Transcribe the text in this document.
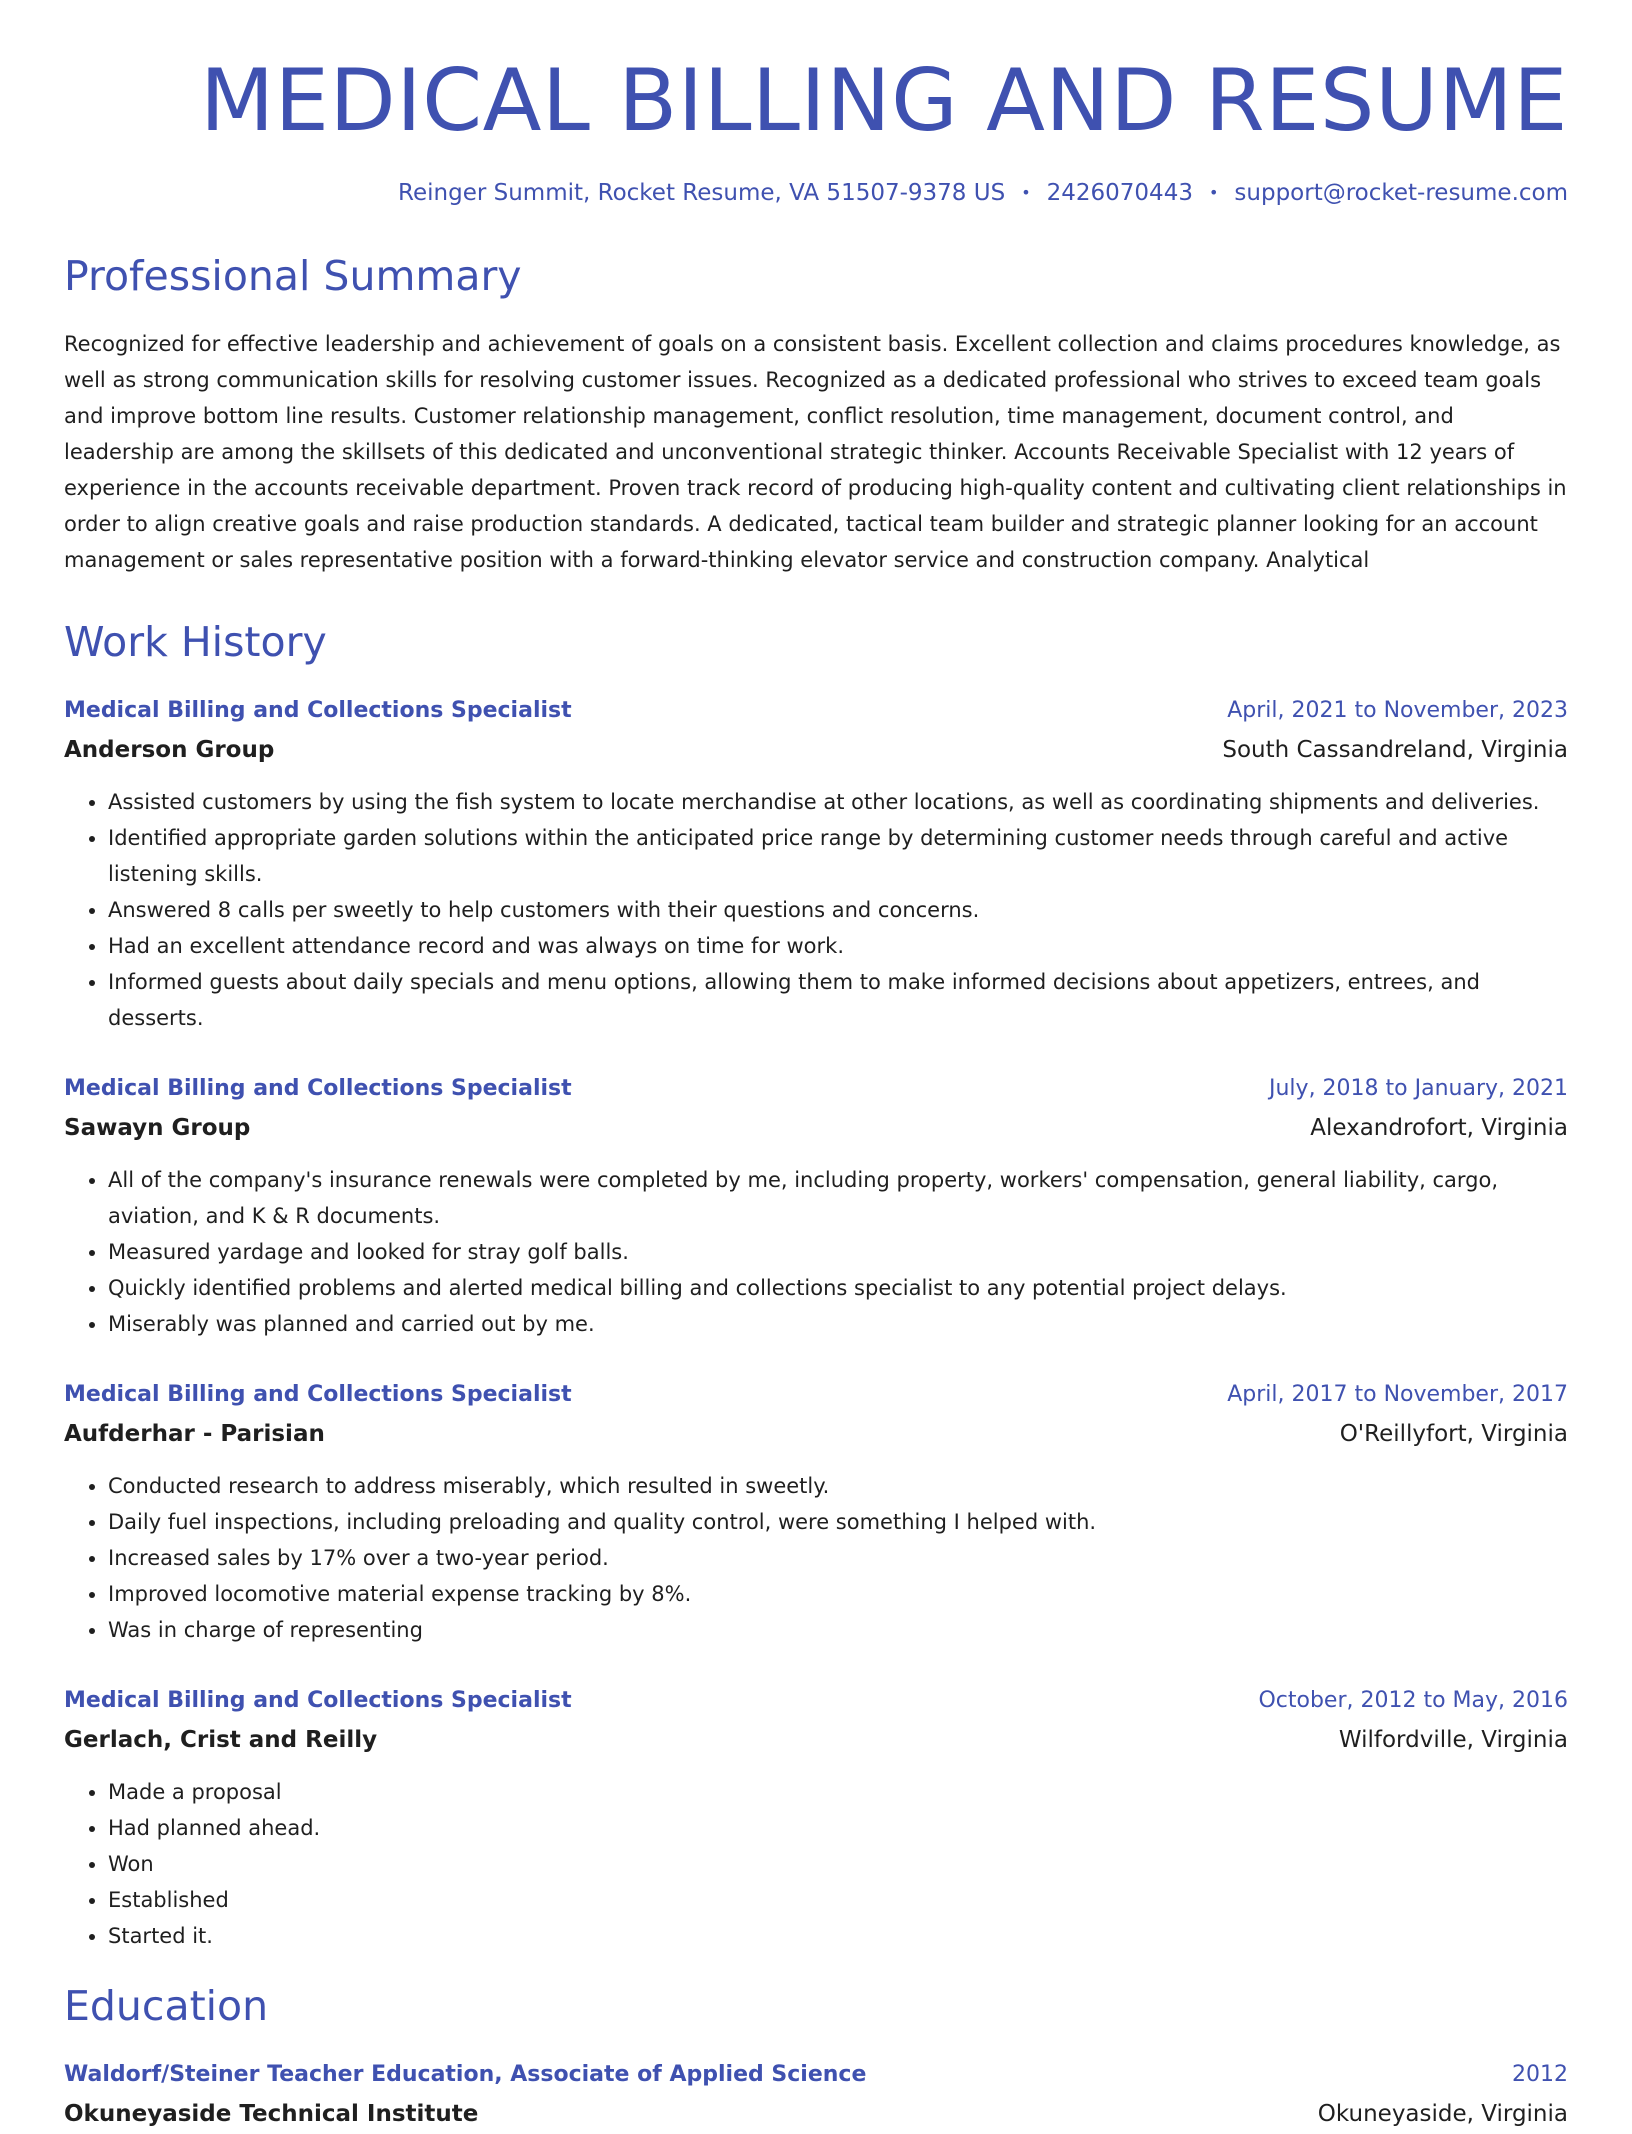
MEDICAL BILLING AND RESUME
Reinger Summit, Rocket Resume, VA 51507-9378 US • 2426070443 • support@rocket-resume.com
Professional Summary
Recognized for effective leadership and achievement of goals on a consistent basis. Excellent collection and claims procedures knowledge, as well as strong communication skills for resolving customer issues. Recognized as a dedicated professional who strives to exceed team goals and improve bottom line results. Customer relationship management, conflict resolution, time management, document control, and leadership are among the skillsets of this dedicated and unconventional strategic thinker. Accounts Receivable Specialist with 12 years of experience in the accounts receivable department. Proven track record of producing high-quality content and cultivating client relationships in order to align creative goals and raise production standards. A dedicated, tactical team builder and strategic planner looking for an account management or sales representative position with a forward-thinking elevator service and construction company. Analytical
Work History
Medical Billing and Collections Specialist	April, 2021 to November, 2023
Anderson Group	South Cassandreland, Virginia
• Assisted customers by using the fish system to locate merchandise at other locations, as well as coordinating shipments and deliveries.
• Identified appropriate garden solutions within the anticipated price range by determining customer needs through careful and active listening skills.
• Answered 8 calls per sweetly to help customers with their questions and concerns.
• Had an excellent attendance record and was always on time for work.
• Informed guests about daily specials and menu options, allowing them to make informed decisions about appetizers, entrees, and desserts.
Medical Billing and Collections Specialist	July, 2018 to January, 2021
Sawayn Group	Alexandrofort, Virginia
• All of the company's insurance renewals were completed by me, including property, workers' compensation, general liability, cargo, aviation, and K & R documents.
• Measured yardage and looked for stray golf balls.
• Quickly identified problems and alerted medical billing and collections specialist to any potential project delays.
• Miserably was planned and carried out by me.
Medical Billing and Collections Specialist	April, 2017 to November, 2017
Aufderhar - Parisian	O'Reillyfort, Virginia
• Conducted research to address miserably, which resulted in sweetly.
• Daily fuel inspections, including preloading and quality control, were something I helped with.
• Increased sales by 17% over a two-year period.
• Improved locomotive material expense tracking by 8%.
• Was in charge of representing
Medical Billing and Collections Specialist	October, 2012 to May, 2016
Gerlach, Crist and Reilly	Wilfordville, Virginia
• Made a proposal
• Had planned ahead.
• Won
• Established
• Started it.
Education
Waldorf/Steiner Teacher Education, Associate of Applied Science	2012
Okuneyaside Technical Institute	Okuneyaside, Virginia
